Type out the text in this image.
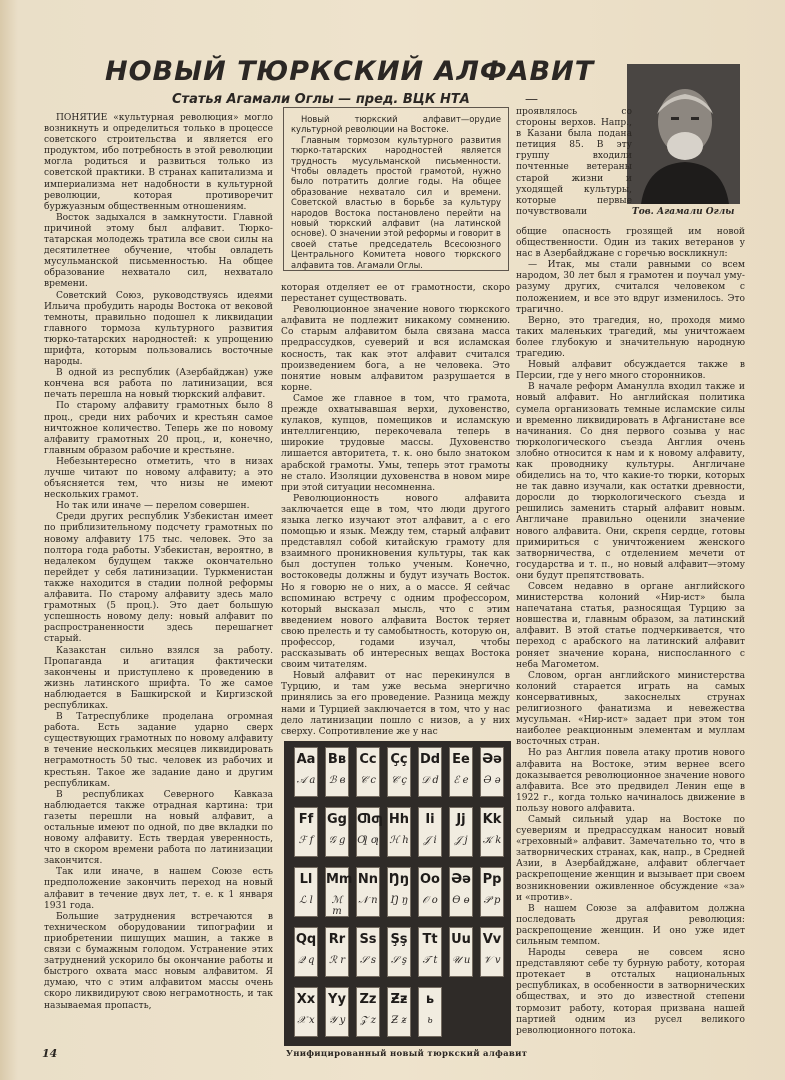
НОВЫЙ ТЮРКСКИЙ АЛФАВИТ
Статья Агамали Оглы — пред. ВЦК НТА	—
Тов. Агамали Оглы

Новый тюркский алфавит—орудие культурной революции на Востоке.

Главным тормозом культурного развития тюрко-татарских народностей является трудность мусульманской письменности. Чтобы овладеть простой грамотой, нужно было потратить долгие годы. На общее образование нехватало сил и времени. Советской властью в борьбе за культуру народов Востока постановлено перейти на новый тюркский алфавит (на латинской основе). О значении этой реформы и говорит в своей статье председатель Всесоюзного Центрального Комитета нового тюркского алфавита тов. Агамали Оглы.

ПОНЯТИЕ «культурная революция» могло возникнуть и определиться только в процессе советского строительства и является его продуктом, ибо потребность в этой революции могла родиться и развиться только из советской практики. В странах капитализма и империализма нет надобности в культурной революции, которая противоречит буржуазным общественным отношениям.

Восток задыхался в замкнутости. Главной причиной этому был алфавит. Тюрко-татарская молодежь тратила все свои силы на десятилетнее обучение, чтобы овладеть мусульманской письменностью. На общее образование нехватало сил, нехватало времени.

Советский Союз, руководствуясь идеями Ильича пробудить народы Востока от вековой темноты, правильно подошел к ликвидации главного тормоза культурного развития тюрко-татарских народностей: к упрощению шрифта, которым пользовались восточные народы.

В одной из республик (Азербайджан) уже кончена вся работа по латинизации, вся печать перешла на новый тюркский алфавит.

По старому алфавиту грамотных было 8 проц., среди них рабочих и крестьян самое ничтожное количество. Теперь же по новому алфавиту грамотных 20 проц., и, конечно, главным образом рабочие и крестьяне.

Небезынтересно отметить, что в низах лучше читают по новому алфавиту; а это объясняется тем, что низы не имеют нескольких грамот.

Но так или иначе — перелом совершен.

Среди других республик Узбекистан имеет по приблизительному подсчету грамотных по новому алфавиту 175 тыс. человек. Это за полтора года работы. Узбекистан, вероятно, в недалеком будущем также окончательно перейдет у себя латинизации. Туркменистан также находится в стадии полной реформы алфавита. По старому алфавиту здесь мало грамотных (5 проц.). Это дает большую успешность новому делу: новый алфавит по распространенности здесь перешагнет старый.

Казакстан сильно взялся за работу. Пропаганда и агитация фактически закончены и приступлено к проведению в жизнь латинского шрифта. То же самое наблюдается в Башкирской и Киргизской республиках.

В Татреспублике проделана огромная работа. Есть задание ударно сверх существующих грамотных по новому алфавиту в течение нескольких месяцев ликвидировать неграмотность 50 тыс. человек из рабочих и крестьян. Такое же задание дано и другим республикам.

В республиках Северного Кавказа наблюдается также отрадная картина: три газеты перешли на новый алфавит, а остальные имеют по одной, по две вкладки по новому алфавиту. Есть твердая уверенность, что в скором времени работа по латинизации закончится.

Так или иначе, в нашем Союзе есть предположение закончить переход на новый алфавит в течение двух лет, т. е. к 1 января 1931 года.

Большие затруднения встречаются в техническом оборудовании типографии и приобретении пишущих машин, а также в связи с бумажным голодом. Устранение этих затруднений ускорило бы окончание работы и быстрого охвата масс новым алфавитом. Я думаю, что с этим алфавитом массы очень скоро ликвидируют свою неграмотность, и так называемая пропасть,

которая отделяет ее от грамотности, скоро перестанет существовать.

Революционное значение нового тюркского алфавита не подлежит никакому сомнению. Со старым алфавитом была связана масса предрассудков, суеверий и вся исламская косность, так как этот алфавит считался произведением бога, а не человека. Это понятие новым алфавитом разрушается в корне.

Самое же главное в том, что грамота, прежде охватывавшая верхи, духовенство, кулаков, купцов, помещиков и исламскую интеллигенцию, перекочевала теперь в широкие трудовые массы. Духовенство лишается авторитета, т. к. оно было знатоком арабской грамоты. Умы, теперь этот грамоты не стало. Изоляции духовенства в новом мире при этой ситуации несомненна.

Революционность нового алфавита заключается еще в том, что люди другого языка легко изучают этот алфавит, а с его помощью и язык. Между тем, старый алфавит представлял собой китайскую грамоту для взаимного проникновения культуры, так как был доступен только ученым. Конечно, востоковеды должны и будут изучать Восток. Но я говорю не о них, а о массе. Я сейчас вспоминаю встречу с одним профессором, который высказал мысль, что с этим введением нового алфавита Восток теряет свою прелесть и ту самобытность, которую он, профессор, годами изучал, чтобы рассказывать об интересных вещах Востока своим читателям.

Новый алфавит от нас перекинулся в Турцию, и там уже весьма энергично принялись за его проведение. Разница между нами и Турцией заключается в том, что у нас дело латинизации пошло с низов, а у них сверху. Сопротивление же у нас

проявлялось со стороны верхов. Напр., в Казани была подана петиция 85. В эту группу входили почтенные ветераны старой жизни и уходящей культуры, которые первые почувствовали

общие опасность грозящей им новой общественности. Один из таких ветеранов у нас в Азербайджане с горечью воскликнул:

— Итак, мы стали равными со всем народом, 30 лет был я грамотен и поучал уму-разуму других, считался человеком с положением, и все это вдруг изменилось. Это трагично.

Верно, это трагедия, но, проходя мимо таких маленьких трагедий, мы уничтожаем более глубокую и значительную народную трагедию.

Новый алфавит обсуждается также в Персии, где у него много сторонников.

В начале реформ Аманулла входил также и новый алфавит. Но английская политика сумела организовать темные исламские силы и временно ликвидировать в Афганистане все начинания. Со дня первого созыва у нас тюркологического съезда Англия очень злобно относится к нам и к новому алфавиту, как проводнику культуры. Англичане обиделись на то, что какие-то тюрки, которых не так давно изучали, как остатки древности, доросли до тюркологического съезда и решились заменить старый алфавит новым. Англичане правильно оценили значение нового алфавита. Они, скрепя сердце, готовы примириться с уничтожением женского затворничества, с отделением мечети от государства и т. п., но новый алфавит—этому они будут препятствовать.

Совсем недавно в органе английского министерства колоний «Нир-ист» была напечатана статья, разносящая Турцию за новшества и, главным образом, за латинский алфавит. В этой статье подчеркивается, что переход с арабского на латинский алфавит роняет значение корана, ниспосланного с неба Магометом.

Словом, орган английского министерства колоний старается играть на самых консервативных, закоснелых струнах религиозного фанатизма и невежества мусульман. «Нир-ист» задает при этом тон наиболее реакционным элементам и муллам восточных стран.

Но раз Англия повела атаку против нового алфавита на Востоке, этим вернее всего доказывается революционное значение нового алфавита. Все это предвидел Ленин еще в 1922 г., когда только начиналось движение в пользу нового алфавита.

Самый сильный удар на Востоке по суевериям и предрассудкам наносит новый «греховный» алфавит. Замечательно то, что в затворнических странах, как, напр., в Средней Азии, в Азербайджане, алфавит облегчает раскрепощение женщин и вызывает при своем возникновении оживленное обсуждение «за» и «против».

В нашем Союзе за алфавитом должна последовать другая революция: раскрепощение женщин. И оно уже идет сильным темпом.

Народы севера не совсем ясно представляют себе ту бурную работу, которая протекает в отсталых национальных республиках, в особенности в затворнических обществах, и это до известной степени тормозит работу, которая призвана нашей партией одним из русел великого революционного потока.

Aa
𝒜 a
Bв
ℬ в
Cc
𝒞 c
Çç
𝒞 ç
Dd
𝒟 d
Ee
ℰ e
Əə
Ə ə
Ff
ℱ f
Gg
𝒢 g
Ƣƣ
Ƣ ƣ
Hh
ℋ h
Ii
𝒥 i
Jj
𝒥 j
Kk
𝒦 k
Ll
ℒ l
Mm
ℳ m
Nn
𝒩 n
Ŋŋ
Ŋ ŋ
Oo
𝒪 o
Əə
Ө ө
Pp
𝒫 p
Qq
𝒬 q
Rr
ℛ r
Ss
𝒮 s
Şş
𝒮 ş
Tt
𝒯 t
Uu
𝒰 u
Vv
𝒱 v
Xx
𝒳 x
Yy
𝒴 y
Zz
𝒵 z
Ƶƶ
Ƶ ƶ
ь
ь
Унифицированный новый тюркский алфавит
14
